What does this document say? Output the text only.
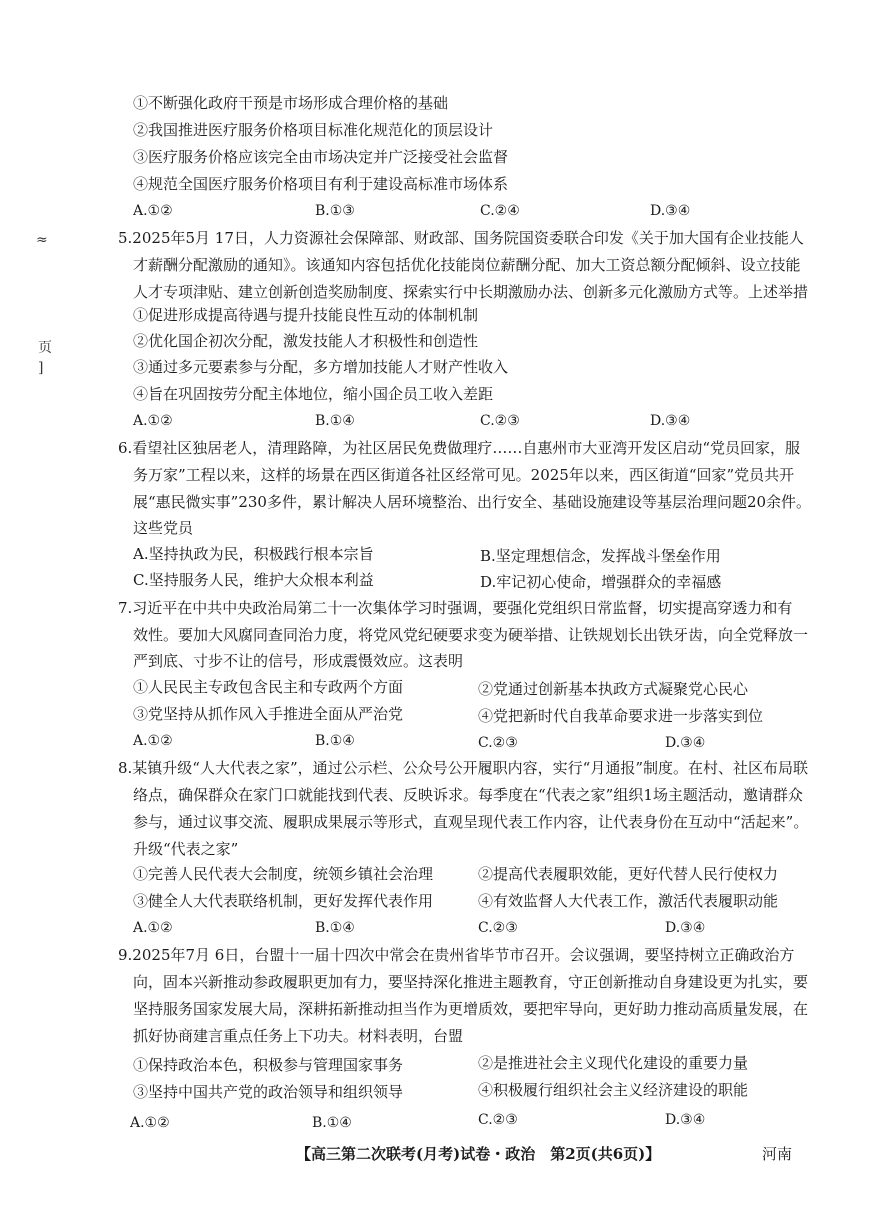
≈
页
]
①不断强化政府干预是市场形成合理价格的基础
②我国推进医疗服务价格项目标准化规范化的顶层设计
③医疗服务价格应该完全由市场决定并广泛接受社会监督
④规范全国医疗服务价格项目有利于建设高标准市场体系
A.①②	B.①③	C.②④	D.③④
5.2025年5月 17日，人力资源社会保障部、财政部、国务院国资委联合印发《关于加大国有企业技能人
才薪酬分配激励的通知》。该通知内容包括优化技能岗位薪酬分配、加大工资总额分配倾斜、设立技能
人才专项津贴、建立创新创造奖励制度、探索实行中长期激励办法、创新多元化激励方式等。上述举措
①促进形成提高待遇与提升技能良性互动的体制机制
②优化国企初次分配，激发技能人才积极性和创造性
③通过多元要素参与分配，多方增加技能人才财产性收入
④旨在巩固按劳分配主体地位，缩小国企员工收入差距
A.①②	B.①④	C.②③	D.③④
6.看望社区独居老人，清理路障，为社区居民免费做理疗……自惠州市大亚湾开发区启动“党员回家，服
务万家”工程以来，这样的场景在西区街道各社区经常可见。2025年以来，西区街道“回家”党员共开
展“惠民微实事”230多件，累计解决人居环境整治、出行安全、基础设施建设等基层治理问题20余件。
这些党员
A.坚持执政为民，积极践行根本宗旨	B.坚定理想信念，发挥战斗堡垒作用
C.坚持服务人民，维护大众根本利益	D.牢记初心使命，增强群众的幸福感
7.习近平在中共中央政治局第二十一次集体学习时强调，要强化党组织日常监督，切实提高穿透力和有
效性。要加大风腐同查同治力度，将党风党纪硬要求变为硬举措、让铁规划长出铁牙齿，向全党释放一
严到底、寸步不让的信号，形成震慑效应。这表明
①人民民主专政包含民主和专政两个方面	②党通过创新基本执政方式凝聚党心民心
③党坚持从抓作风入手推进全面从严治党	④党把新时代自我革命要求进一步落实到位
A.①②	B.①④	C.②③	D.③④
8.某镇升级“人大代表之家”，通过公示栏、公众号公开履职内容，实行“月通报”制度。在村、社区布局联
络点，确保群众在家门口就能找到代表、反映诉求。每季度在“代表之家”组织1场主题活动，邀请群众
参与，通过议事交流、履职成果展示等形式，直观呈现代表工作内容，让代表身份在互动中“活起来”。
升级“代表之家”
①完善人民代表大会制度，统领乡镇社会治理	②提高代表履职效能，更好代替人民行使权力
③健全人大代表联络机制，更好发挥代表作用	④有效监督人大代表工作，激活代表履职动能
A.①②	B.①④	C.②③	D.③④
9.2025年7月 6日，台盟十一届十四次中常会在贵州省毕节市召开。会议强调，要坚持树立正确政治方
向，固本兴新推动参政履职更加有力，要坚持深化推进主题教育，守正创新推动自身建设更为扎实，要
坚持服务国家发展大局，深耕拓新推动担当作为更增质效，要把牢导向，更好助力推动高质量发展，在
抓好协商建言重点任务上下功夫。材料表明，台盟
①保持政治本色，积极参与管理国家事务	②是推进社会主义现代化建设的重要力量
③坚持中国共产党的政治领导和组织领导	④积极履行组织社会主义经济建设的职能
A.①②	B.①④	C.②③	D.③④
【高三第二次联考(月考)试卷・政治　第2页(共6页)】	河南
